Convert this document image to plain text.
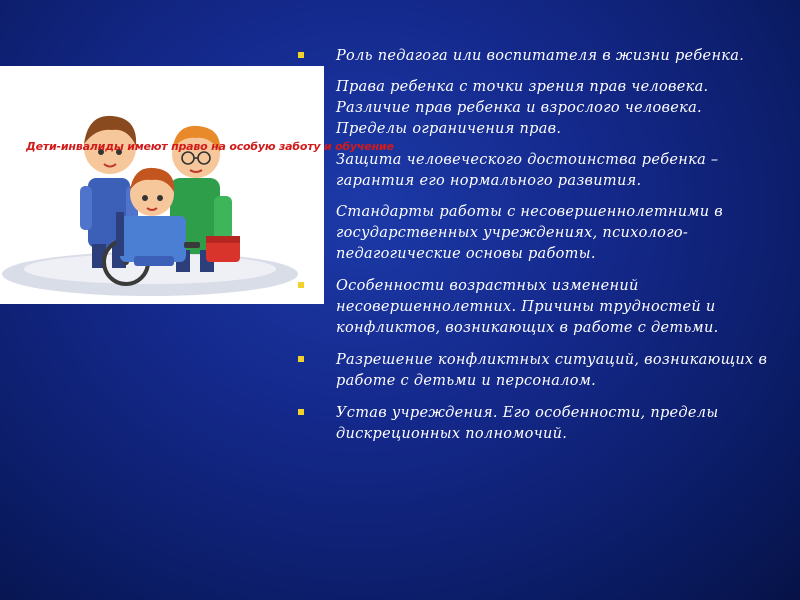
Дети-инвалиды имеют право на особую заботу и обучение
Роль педагога или воспитателя в жизни ребенка.
Права ребенка с точки зрения прав человека. Различие прав ребенка и взрослого человека. Пределы ограничения прав.
Защита человеческого достоинства ребенка – гарантия его нормального развития.
Стандарты работы с несовершеннолетними в государственных учреждениях, психолого-педагогические основы работы.
Особенности возрастных изменений несовершеннолетних. Причины трудностей и конфликтов, возникающих в работе с детьми.
Разрешение конфликтных ситуаций, возникающих в работе с детьми и персоналом.
Устав учреждения. Его особенности, пределы дискреционных полномочий.
